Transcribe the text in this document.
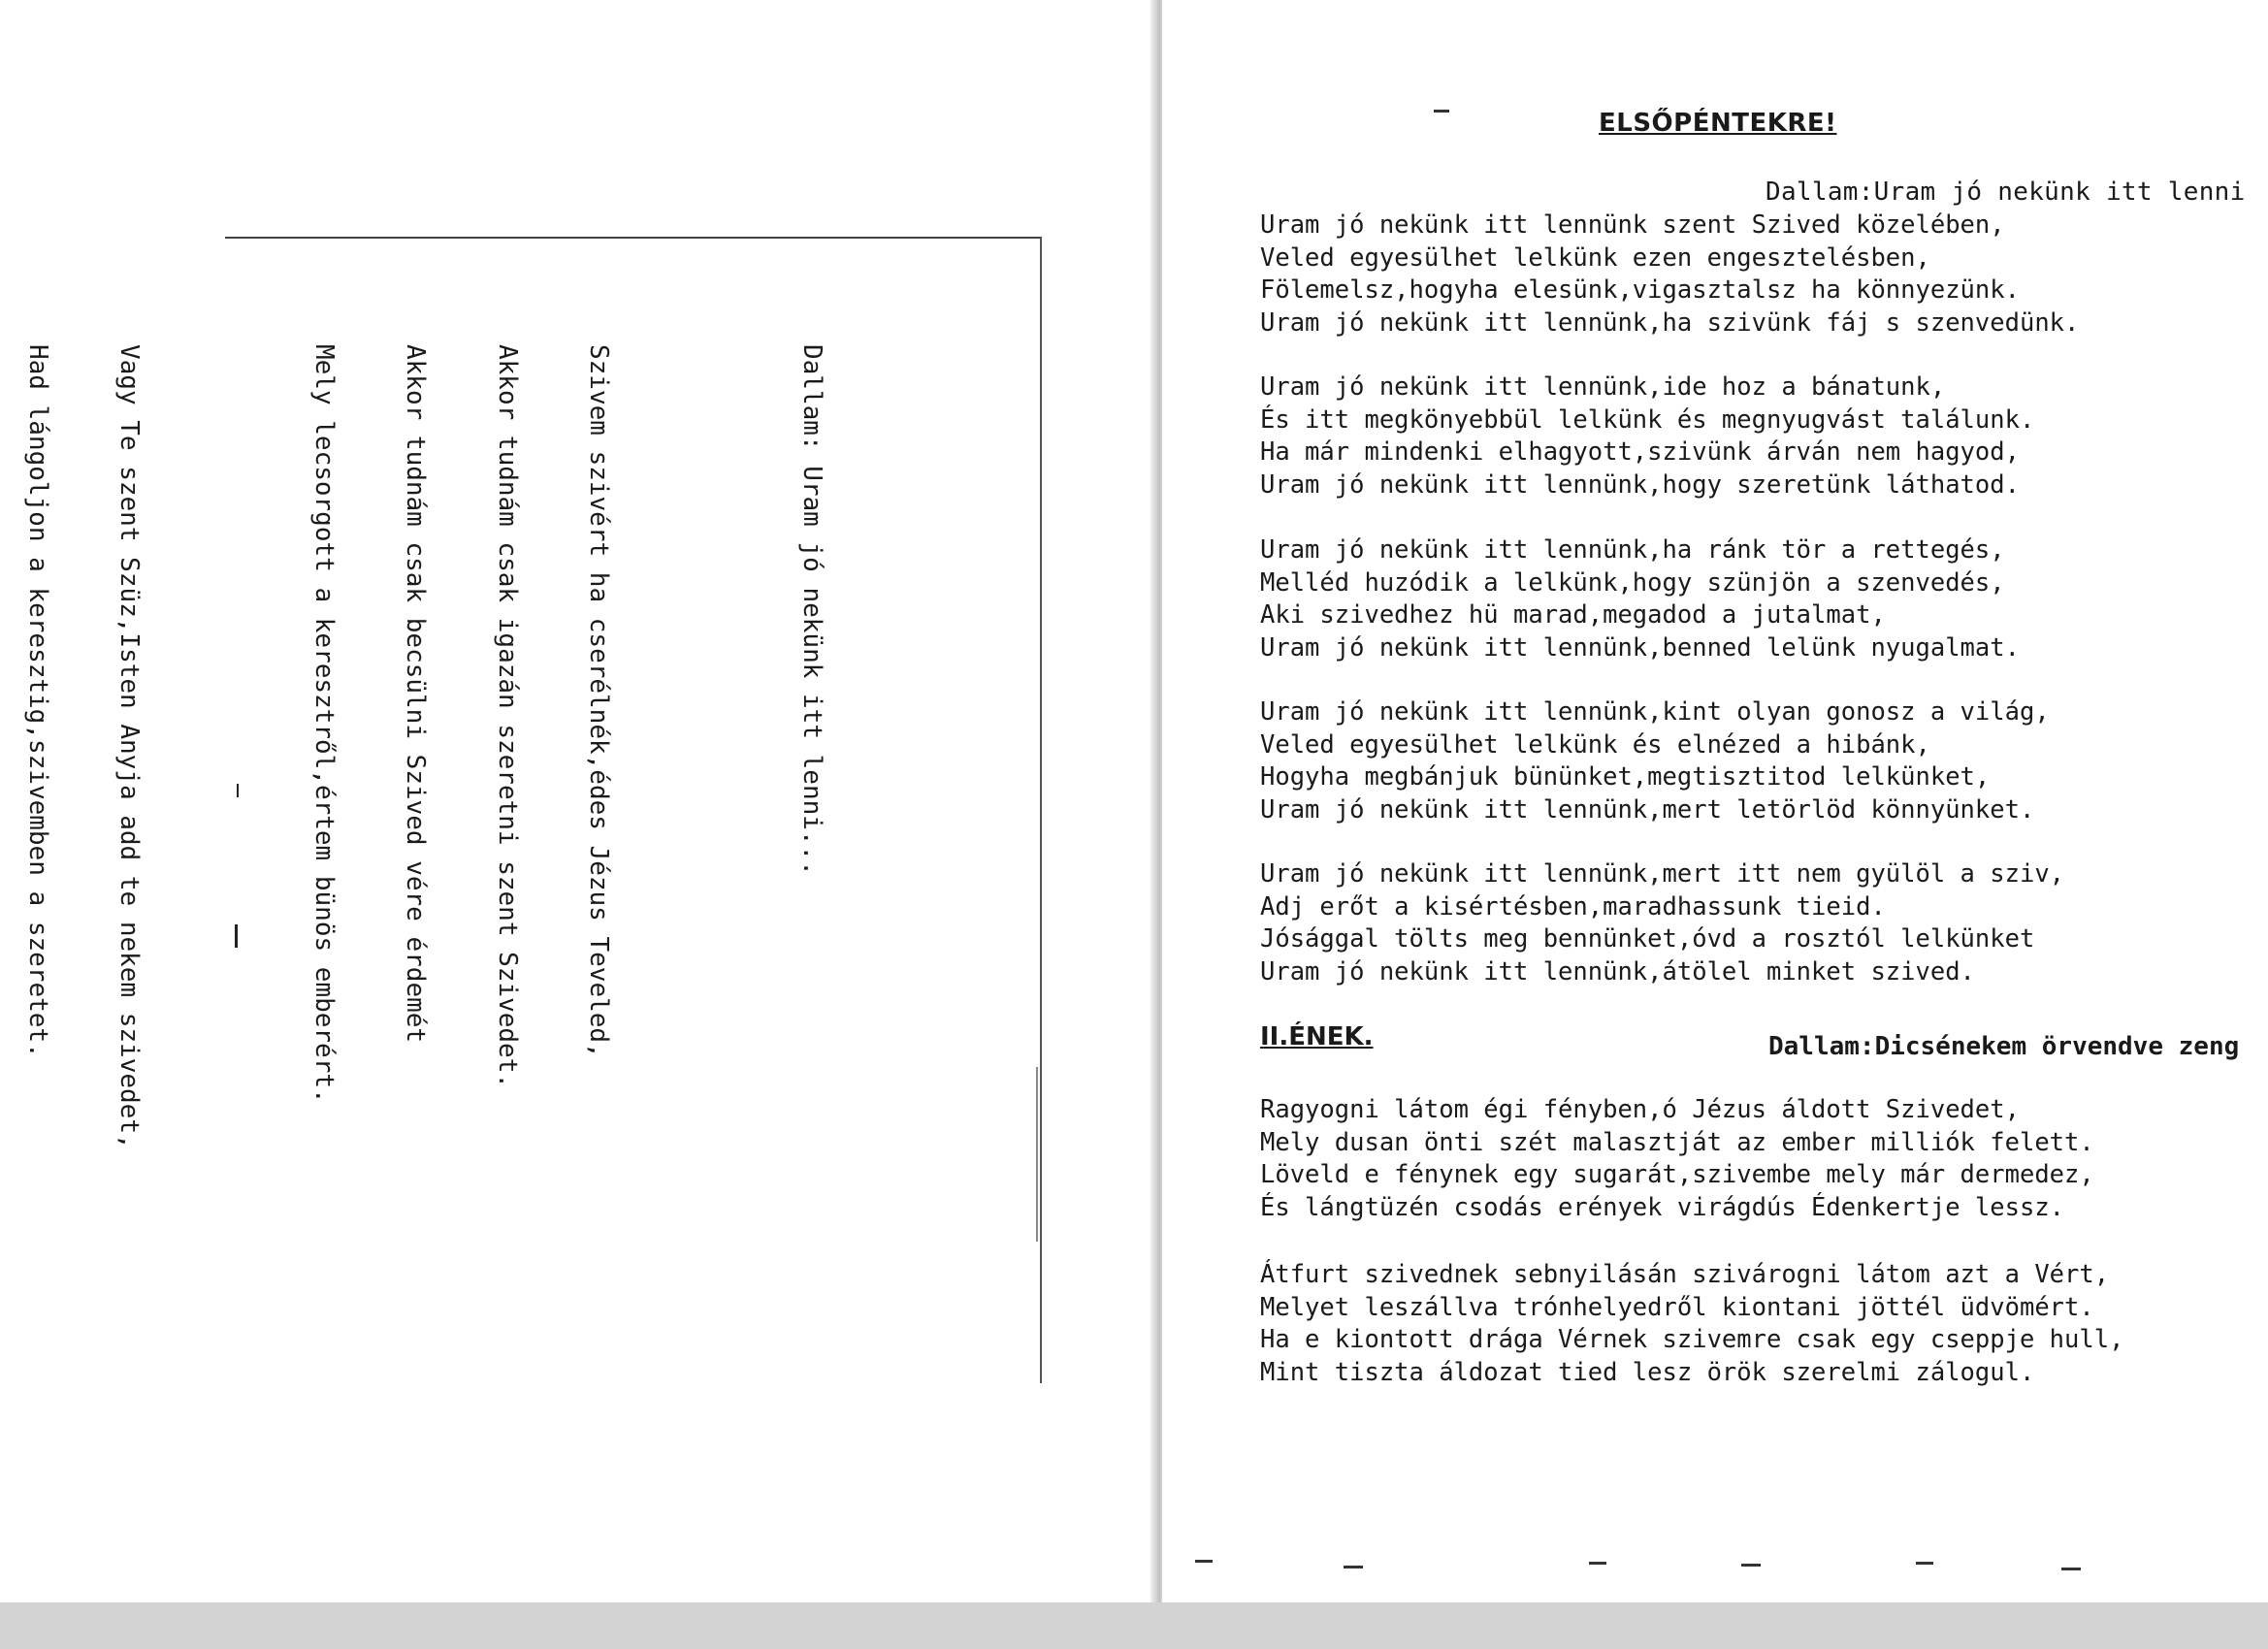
Dallam: Uram jó nekünk itt lenni...

Szivem szivért ha cserélnék,édes Jézus Teveled,

Akkor tudnám csak igazán szeretni szent Szivedet.

Akkor tudnám csak becsülni Szived vére érdemét

Mely lecsorgott a keresztről,értem bünös emberért.

Vagy Te szent Szüz,Isten Anyja add te nekem szivedet,

Had lángoljon a keresztig,szivemben a szeretet.

ELSŐPÉNTEKRE!
Dallam:Uram jó nekünk itt lenni
Uram jó nekünk itt lennünk szent Szived közelében,
Veled egyesülhet lelkünk ezen engesztelésben,
Fölemelsz,hogyha elesünk,vigasztalsz ha könnyezünk.
Uram jó nekünk itt lennünk,ha szivünk fáj s szenvedünk.
Uram jó nekünk itt lennünk,ide hoz a bánatunk,
És itt megkönyebbül lelkünk és megnyugvást találunk.
Ha már mindenki elhagyott,szivünk árván nem hagyod,
Uram jó nekünk itt lennünk,hogy szeretünk láthatod.
Uram jó nekünk itt lennünk,ha ránk tör a rettegés,
Melléd huzódik a lelkünk,hogy szünjön a szenvedés,
Aki szivedhez hü marad,megadod a jutalmat,
Uram jó nekünk itt lennünk,benned lelünk nyugalmat.
Uram jó nekünk itt lennünk,kint olyan gonosz a világ,
Veled egyesülhet lelkünk és elnézed a hibánk,
Hogyha megbánjuk bününket,megtisztitod lelkünket,
Uram jó nekünk itt lennünk,mert letörlöd könnyünket.
Uram jó nekünk itt lennünk,mert itt nem gyülöl a sziv,
Adj erőt a kisértésben,maradhassunk tieid.
Jósággal tölts meg bennünket,óvd a rosztól lelkünket
Uram jó nekünk itt lennünk,átölel minket szived.
II.ÉNEK.	Dallam:Dicsénekem örvendve zeng
Ragyogni látom égi fényben,ó Jézus áldott Szivedet,
Mely dusan önti szét malasztját az ember milliók felett.
Löveld e fénynek egy sugarát,szivembe mely már dermedez,
És lángtüzén csodás erények virágdús Édenkertje lessz.
Átfurt szivednek sebnyilásán szivárogni látom azt a Vért,
Melyet leszállva trónhelyedről kiontani jöttél üdvömért.
Ha e kiontott drága Vérnek szivemre csak egy cseppje hull,
Mint tiszta áldozat tied lesz örök szerelmi zálogul.
